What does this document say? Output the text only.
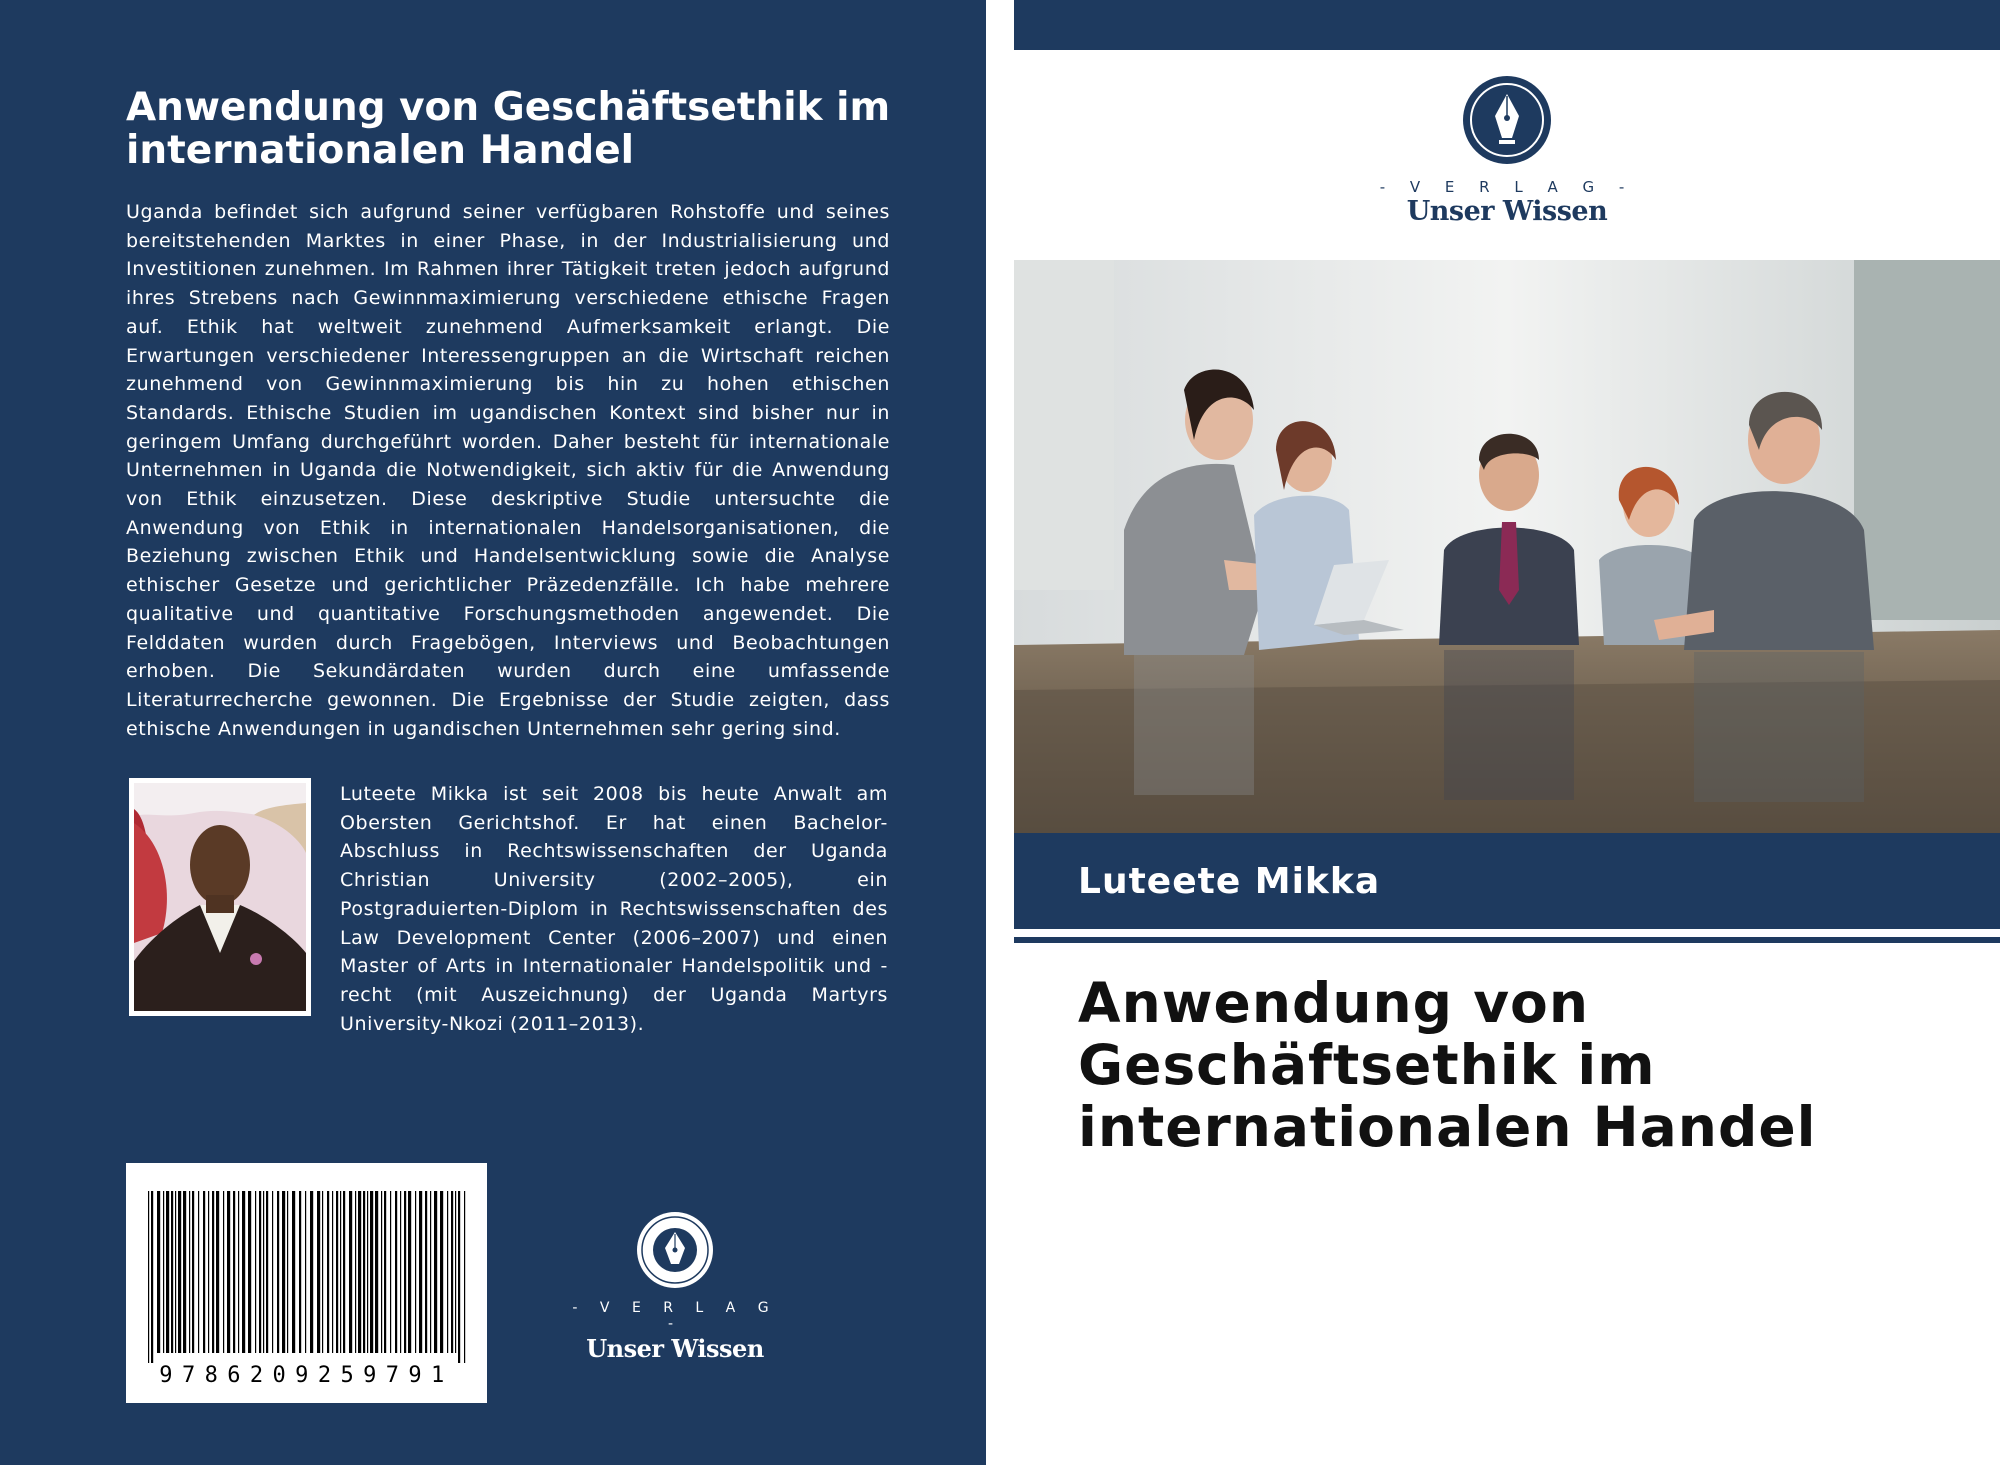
Anwendung von Geschäftsethik im internationalen Handel

Uganda befindet sich aufgrund seiner verfügbaren Rohstoffe und seines bereitstehenden Marktes in einer Phase, in der Industrialisierung und Investitionen zunehmen. Im Rahmen ihrer Tätigkeit treten jedoch aufgrund ihres Strebens nach Gewinnmaximierung verschiedene ethische Fragen auf. Ethik hat weltweit zunehmend Aufmerksamkeit erlangt. Die Erwartungen verschiedener Interessengruppen an die Wirtschaft reichen zunehmend von Gewinnmaximierung bis hin zu hohen ethischen Standards. Ethische Studien im ugandischen Kontext sind bisher nur in geringem Umfang durchgeführt worden. Daher besteht für internationale Unternehmen in Uganda die Notwendigkeit, sich aktiv für die Anwendung von Ethik einzusetzen. Diese deskriptive Studie untersuchte die Anwendung von Ethik in internationalen Handelsorganisationen, die Beziehung zwischen Ethik und Handelsentwicklung sowie die Analyse ethischer Gesetze und gerichtlicher Präzedenzfälle. Ich habe mehrere qualitative und quantitative Forschungsmethoden angewendet. Die Felddaten wurden durch Fragebögen, Interviews und Beobachtungen erhoben. Die Sekundärdaten wurden durch eine umfassende Literaturrecherche gewonnen. Die Ergebnisse der Studie zeigten, dass ethische Anwendungen in ugandischen Unternehmen sehr gering sind.

Luteete Mikka ist seit 2008 bis heute Anwalt am Obersten Gerichtshof. Er hat einen Bachelor-Abschluss in Rechtswissenschaften der Uganda Christian University (2002–2005), ein Postgraduierten-Diplom in Rechtswissenschaften des Law Development Center (2006–2007) und einen Master of Arts in Internationaler Handelspolitik und -recht (mit Auszeichnung) der Uganda Martyrs University-Nkozi (2011–2013).

9786209259791
- V E R L A G -
Unser Wissen
- V E R L A G -
Unser Wissen
Luteete Mikka
Anwendung von Geschäftsethik im internationalen Handel
